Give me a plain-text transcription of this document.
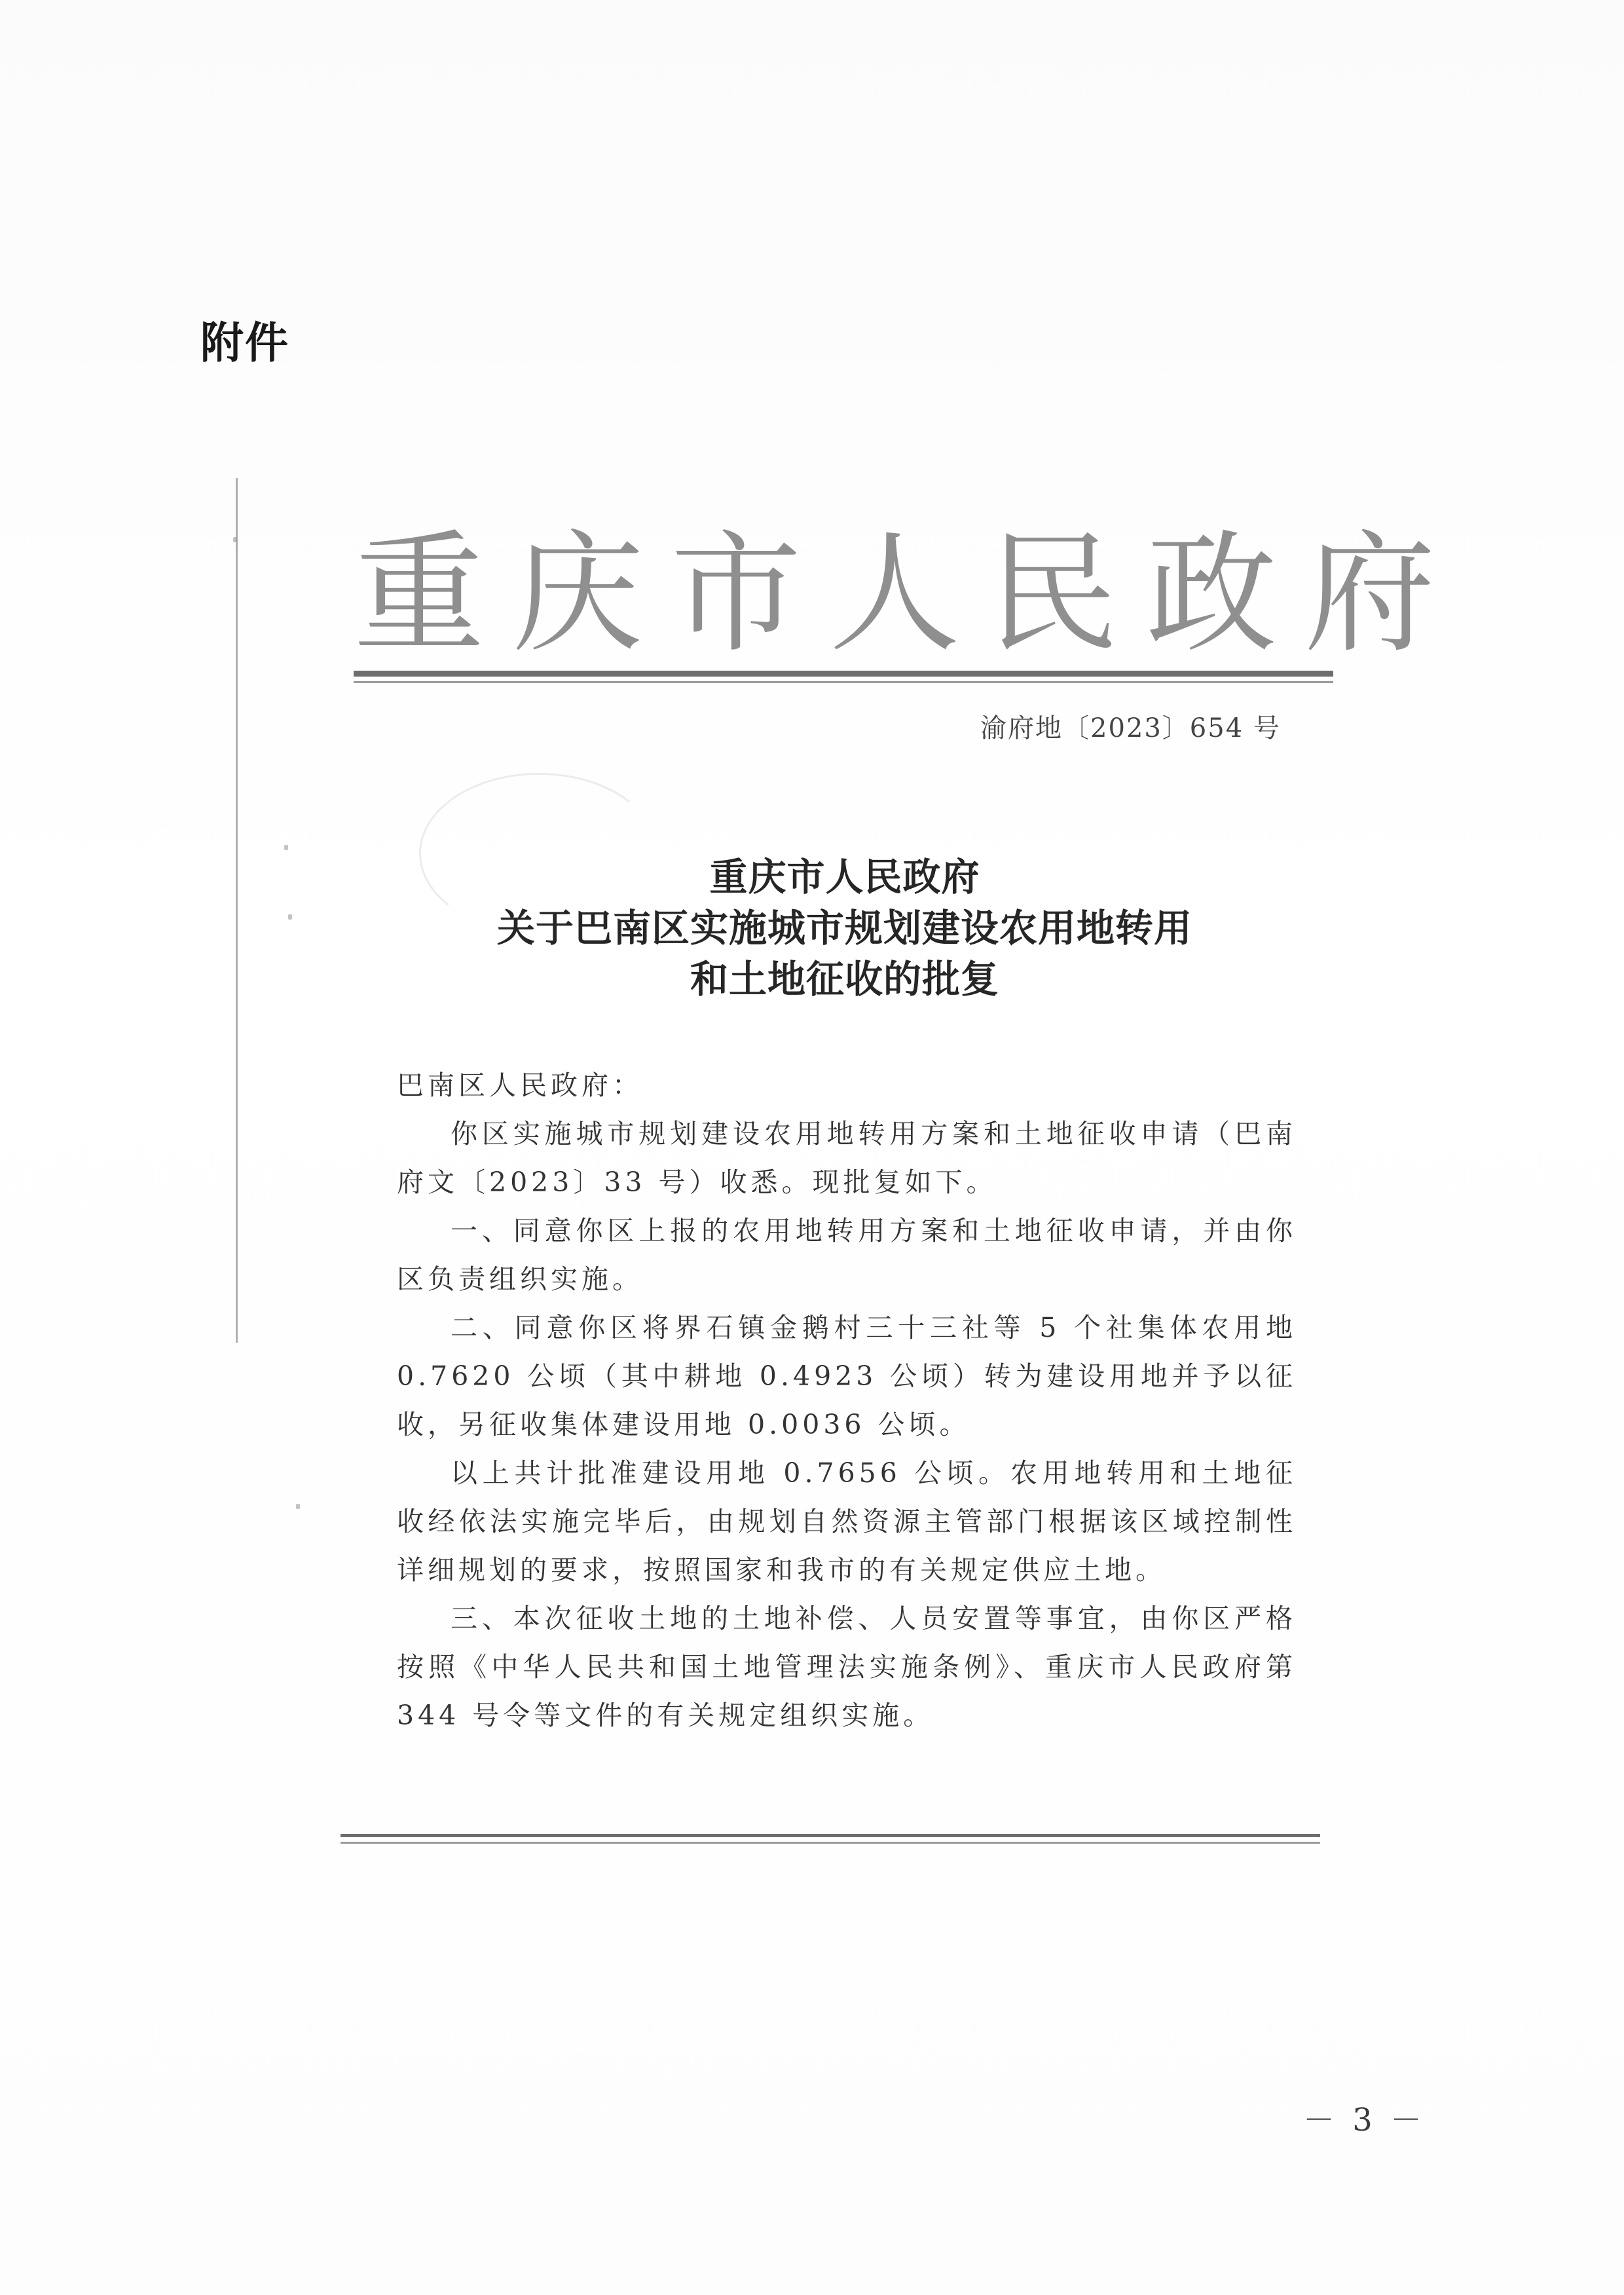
附件
重庆市人民政府
渝府地〔2023〕654 号
重庆市人民政府
关于巴南区实施城市规划建设农用地转用
和土地征收的批复
巴南区人民政府：

你区实施城市规划建设农用地转用方案和土地征收申请（巴南府文〔2023〕33 号）收悉。现批复如下。

一、同意你区上报的农用地转用方案和土地征收申请，并由你区负责组织实施。

二、同意你区将界石镇金鹅村三十三社等 5 个社集体农用地 0.7620 公顷（其中耕地 0.4923 公顷）转为建设用地并予以征收，另征收集体建设用地 0.0036 公顷。

以上共计批准建设用地 0.7656 公顷。农用地转用和土地征收经依法实施完毕后，由规划自然资源主管部门根据该区域控制性详细规划的要求，按照国家和我市的有关规定供应土地。

三、本次征收土地的土地补偿、人员安置等事宜，由你区严格按照《中华人民共和国土地管理法实施条例》、重庆市人民政府第 344 号令等文件的有关规定组织实施。

－ 3 －
